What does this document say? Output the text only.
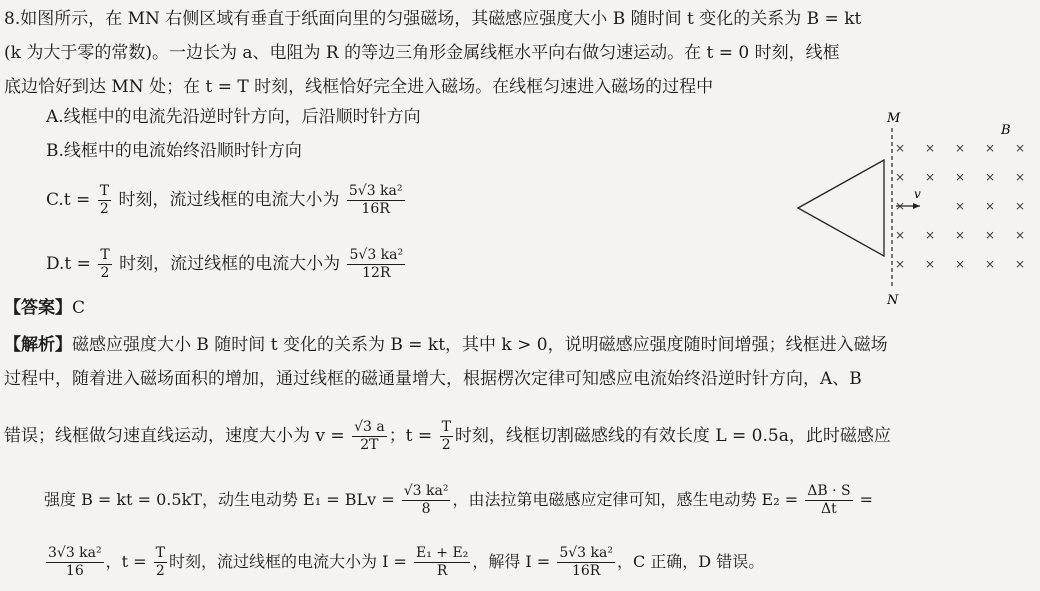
8.如图所示，在 MN 右侧区域有垂直于纸面向里的匀强磁场，其磁感应强度大小 B 随时间 t 变化的关系为 B = kt
(k 为大于零的常数)。一边长为 a、电阻为 R 的等边三角形金属线框水平向右做匀速运动。在 t = 0 时刻，线框
底边恰好到达 MN 处；在 t = T 时刻，线框恰好完全进入磁场。在线框匀速进入磁场的过程中
A.线框中的电流先沿逆时针方向，后沿顺时针方向
B.线框中的电流始终沿顺时针方向
$C.t = \frac{T}{2}$ 时刻，流过线框的电流大小为 $\frac{\text{5√3 ka²}}{16R}$
$D.t = \frac{T}{2}$ 时刻，流过线框的电流大小为 $\frac{\text{5√3 ka²}}{12R}$
【答案】C
【解析】磁感应强度大小 B 随时间 t 变化的关系为 B = kt，其中 k > 0，说明磁感应强度随时间增强；线框进入磁场
过程中，随着进入磁场面积的增加，通过线框的磁通量增大，根据楞次定律可知感应电流始终沿逆时针方向，A、B
错误；线框做匀速直线运动，速度大小为 $v = \frac{√3 a}{2T}$ ；$t = \frac{T}{2}$ 时刻，线框切割磁感线的有效长度 L = 0.5a，此时磁感应
强度 B = kt = 0.5kT，动生电动势 E₁ = BLv = $\frac{\text{√3 ka²}}{8}$ ，由法拉第电磁感应定律可知，感生电动势 $E_2 = \frac{\Delta B \cdot S}{\Delta t}$ =
$\frac{\text{3√3 ka²}}{16}$ ，$t = \frac{T}{2}$ 时刻，流过线框的电流大小为 $I = \frac{\text{E₁ + E₂}}{R}$ ，解得 $I = \frac{\text{5√3 ka²}}{16R}$ ，C 正确，D 错误。
M
N
B
v
× × × × ×
× × × × ×
×	× × ×
× × × × ×
× × × × ×
